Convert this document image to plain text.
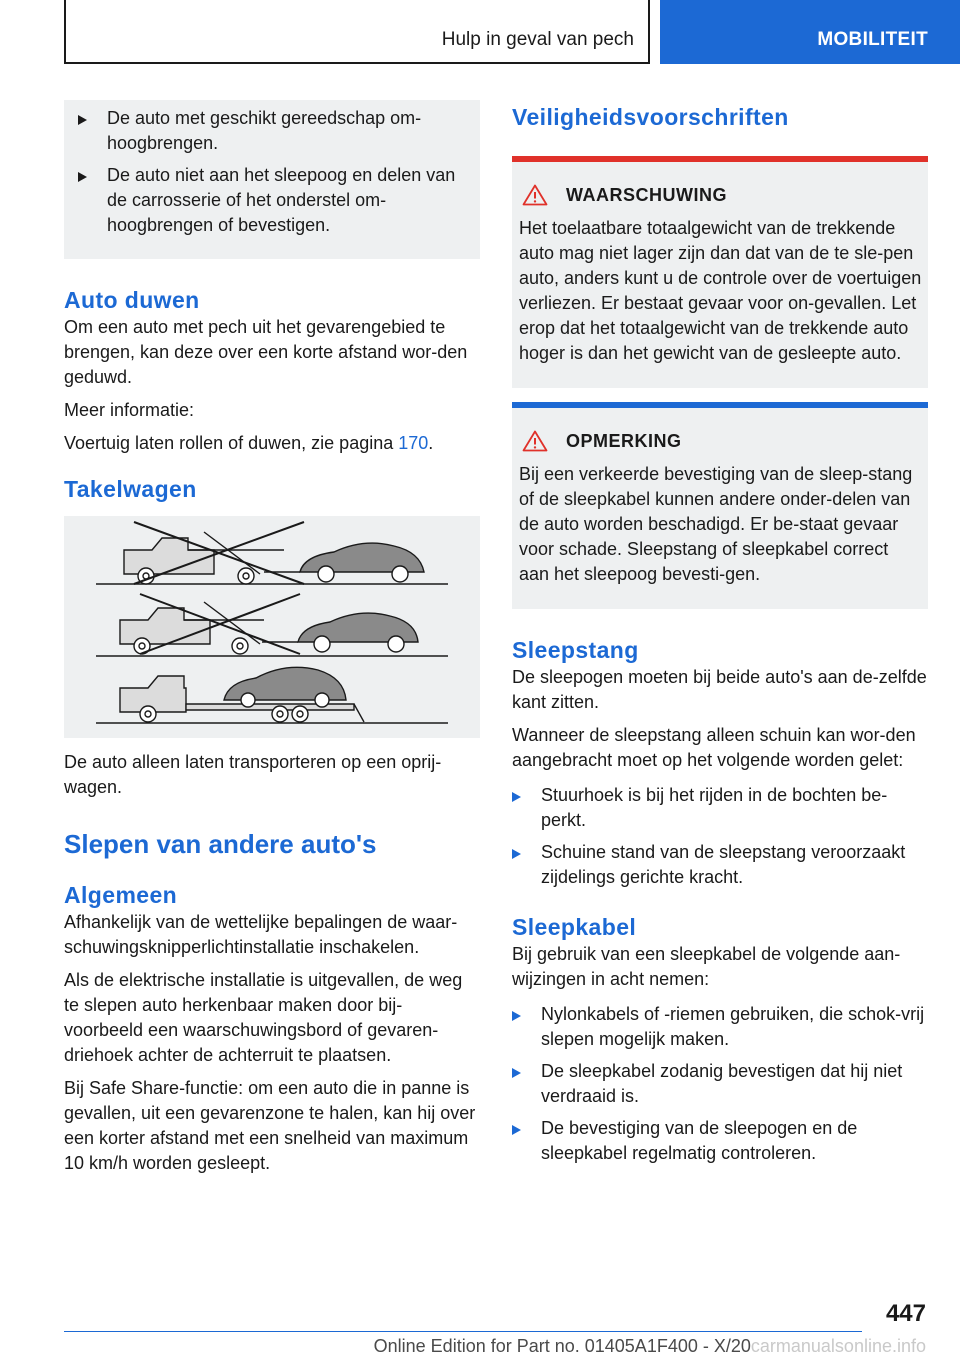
Hulp in geval van pech	MOBILITEIT
De auto met geschikt gereedschap om-hoogbrengen.
De auto niet aan het sleepoog en delen van de carrosserie of het onderstel om-hoogbrengen of bevestigen.
Auto duwen

Om een auto met pech uit het gevarengebied te brengen, kan deze over een korte afstand wor-den geduwd.

Meer informatie:

Voertuig laten rollen of duwen, zie pagina 170.

Takelwagen

De auto alleen laten transporteren op een oprij-wagen.

Slepen van andere auto's
Algemeen

Afhankelijk van de wettelijke bepalingen de waar-schuwingsknipperlichtinstallatie inschakelen.

Als de elektrische installatie is uitgevallen, de weg te slepen auto herkenbaar maken door bij-voorbeeld een waarschuwingsbord of gevaren-driehoek achter de achterruit te plaatsen.

Bij Safe Share-functie: om een auto die in panne is gevallen, uit een gevarenzone te halen, kan hij over een korter afstand met een snelheid van maximum 10 km/h worden gesleept.

Veiligheidsvoorschriften
WAARSCHUWING
Het toelaatbare totaalgewicht van de trekkende auto mag niet lager zijn dan dat van de te sle-pen auto, anders kunt u de controle over de voertuigen verliezen. Er bestaat gevaar voor on-gevallen. Let erop dat het totaalgewicht van de trekkende auto hoger is dan het gewicht van de gesleepte auto.
OPMERKING
Bij een verkeerde bevestiging van de sleep-stang of de sleepkabel kunnen andere onder-delen van de auto worden beschadigd. Er be-staat gevaar voor schade. Sleepstang of sleepkabel correct aan het sleepoog bevesti-gen.
Sleepstang

De sleepogen moeten bij beide auto's aan de-zelfde kant zitten.

Wanneer de sleepstang alleen schuin kan wor-den aangebracht moet op het volgende worden gelet:

Stuurhoek is bij het rijden in de bochten be-perkt.
Schuine stand van de sleepstang veroorzaakt zijdelings gerichte kracht.
Sleepkabel

Bij gebruik van een sleepkabel de volgende aan-wijzingen in acht nemen:

Nylonkabels of -riemen gebruiken, die schok-vrij slepen mogelijk maken.
De sleepkabel zodanig bevestigen dat hij niet verdraaid is.
De bevestiging van de sleepogen en de sleepkabel regelmatig controleren.
447
Online Edition for Part no. 01405A1F400 - X/20carmanualsonline.info
